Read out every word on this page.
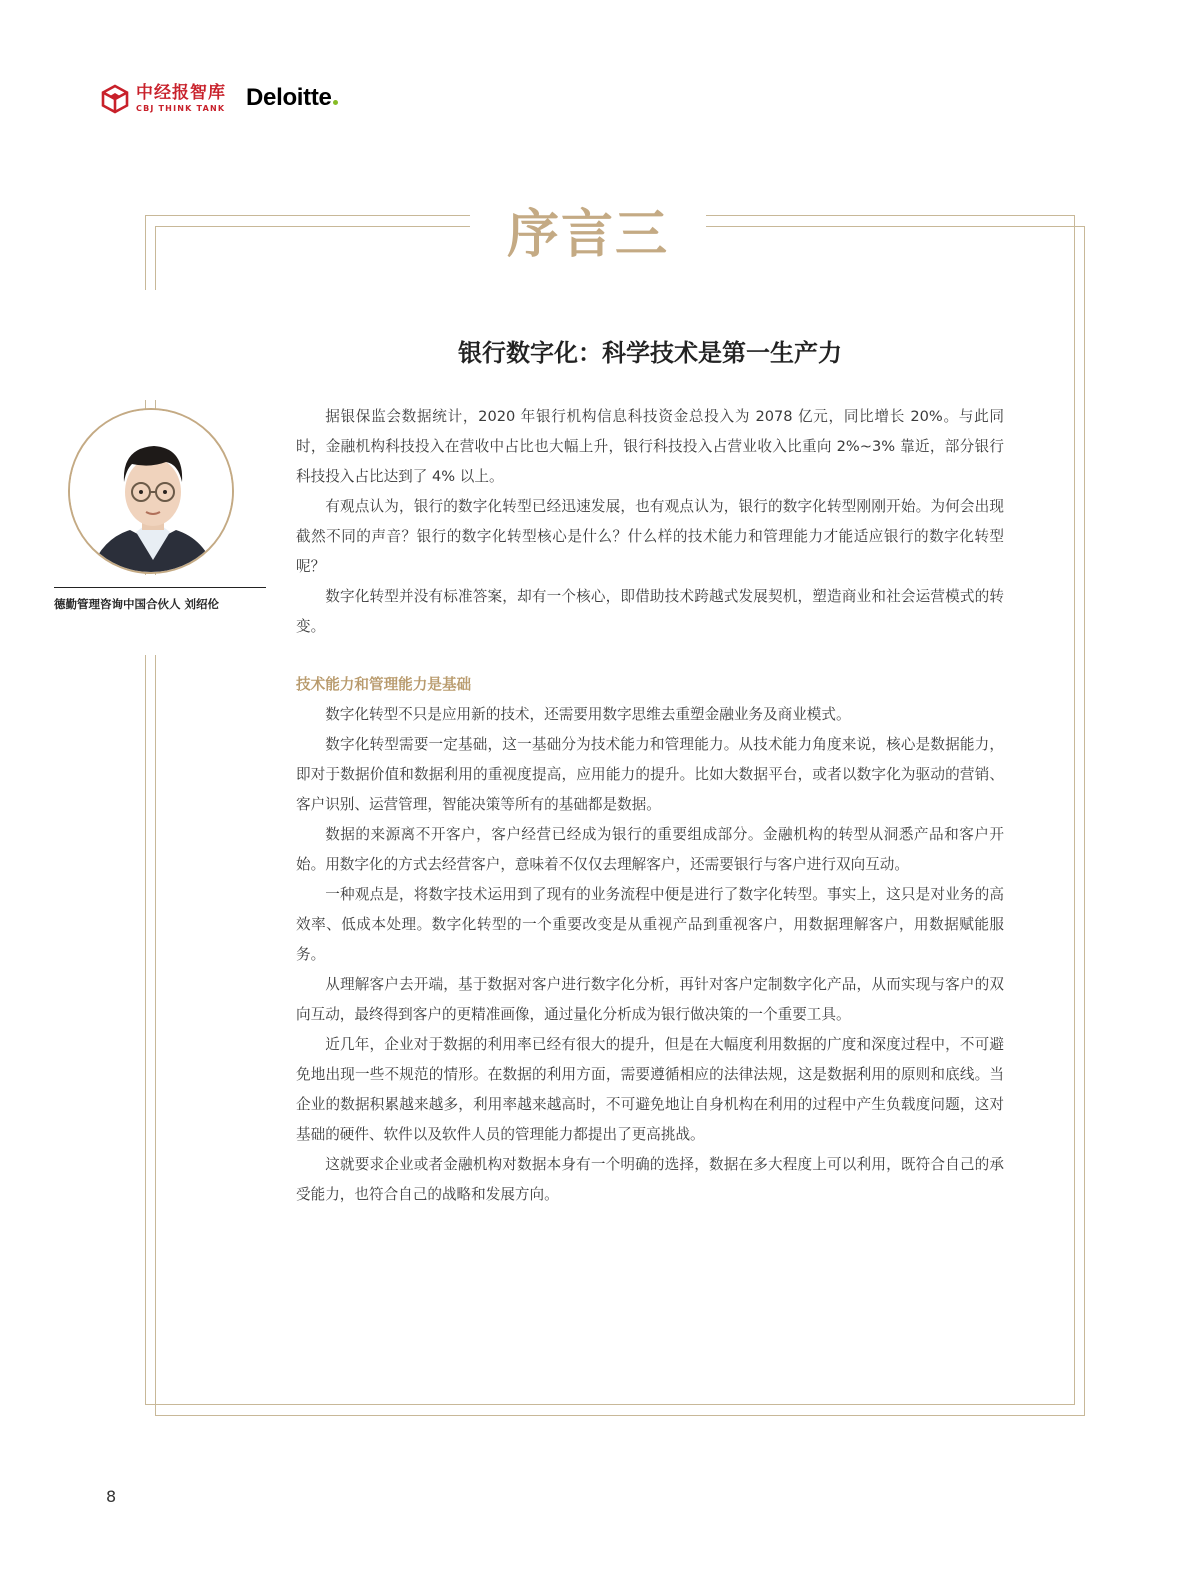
中经报智库
CBJ THINK TANK Deloitte
序言三
银行数字化：科学技术是第一生产力
德勤管理咨询中国合伙人 刘绍伦

据银保监会数据统计，2020 年银行机构信息科技资金总投入为 2078 亿元，同比增长 20%。与此同时，金融机构科技投入在营收中占比也大幅上升，银行科技投入占营业收入比重向 2%~3% 靠近，部分银行科技投入占比达到了 4% 以上。

有观点认为，银行的数字化转型已经迅速发展，也有观点认为，银行的数字化转型刚刚开始。为何会出现截然不同的声音？银行的数字化转型核心是什么？什么样的技术能力和管理能力才能适应银行的数字化转型呢？

数字化转型并没有标准答案，却有一个核心，即借助技术跨越式发展契机，塑造商业和社会运营模式的转变。

技术能力和管理能力是基础

数字化转型不只是应用新的技术，还需要用数字思维去重塑金融业务及商业模式。

数字化转型需要一定基础，这一基础分为技术能力和管理能力。从技术能力角度来说，核心是数据能力，即对于数据价值和数据利用的重视度提高，应用能力的提升。比如大数据平台，或者以数字化为驱动的营销、客户识别、运营管理，智能决策等所有的基础都是数据。

数据的来源离不开客户，客户经营已经成为银行的重要组成部分。金融机构的转型从洞悉产品和客户开始。用数字化的方式去经营客户，意味着不仅仅去理解客户，还需要银行与客户进行双向互动。

一种观点是，将数字技术运用到了现有的业务流程中便是进行了数字化转型。事实上，这只是对业务的高效率、低成本处理。数字化转型的一个重要改变是从重视产品到重视客户，用数据理解客户，用数据赋能服务。

从理解客户去开端，基于数据对客户进行数字化分析，再针对客户定制数字化产品，从而实现与客户的双向互动，最终得到客户的更精准画像，通过量化分析成为银行做决策的一个重要工具。

近几年，企业对于数据的利用率已经有很大的提升，但是在大幅度利用数据的广度和深度过程中，不可避免地出现一些不规范的情形。在数据的利用方面，需要遵循相应的法律法规，这是数据利用的原则和底线。当企业的数据积累越来越多，利用率越来越高时，不可避免地让自身机构在利用的过程中产生负载度问题，这对基础的硬件、软件以及软件人员的管理能力都提出了更高挑战。

这就要求企业或者金融机构对数据本身有一个明确的选择，数据在多大程度上可以利用，既符合自己的承受能力，也符合自己的战略和发展方向。

8
